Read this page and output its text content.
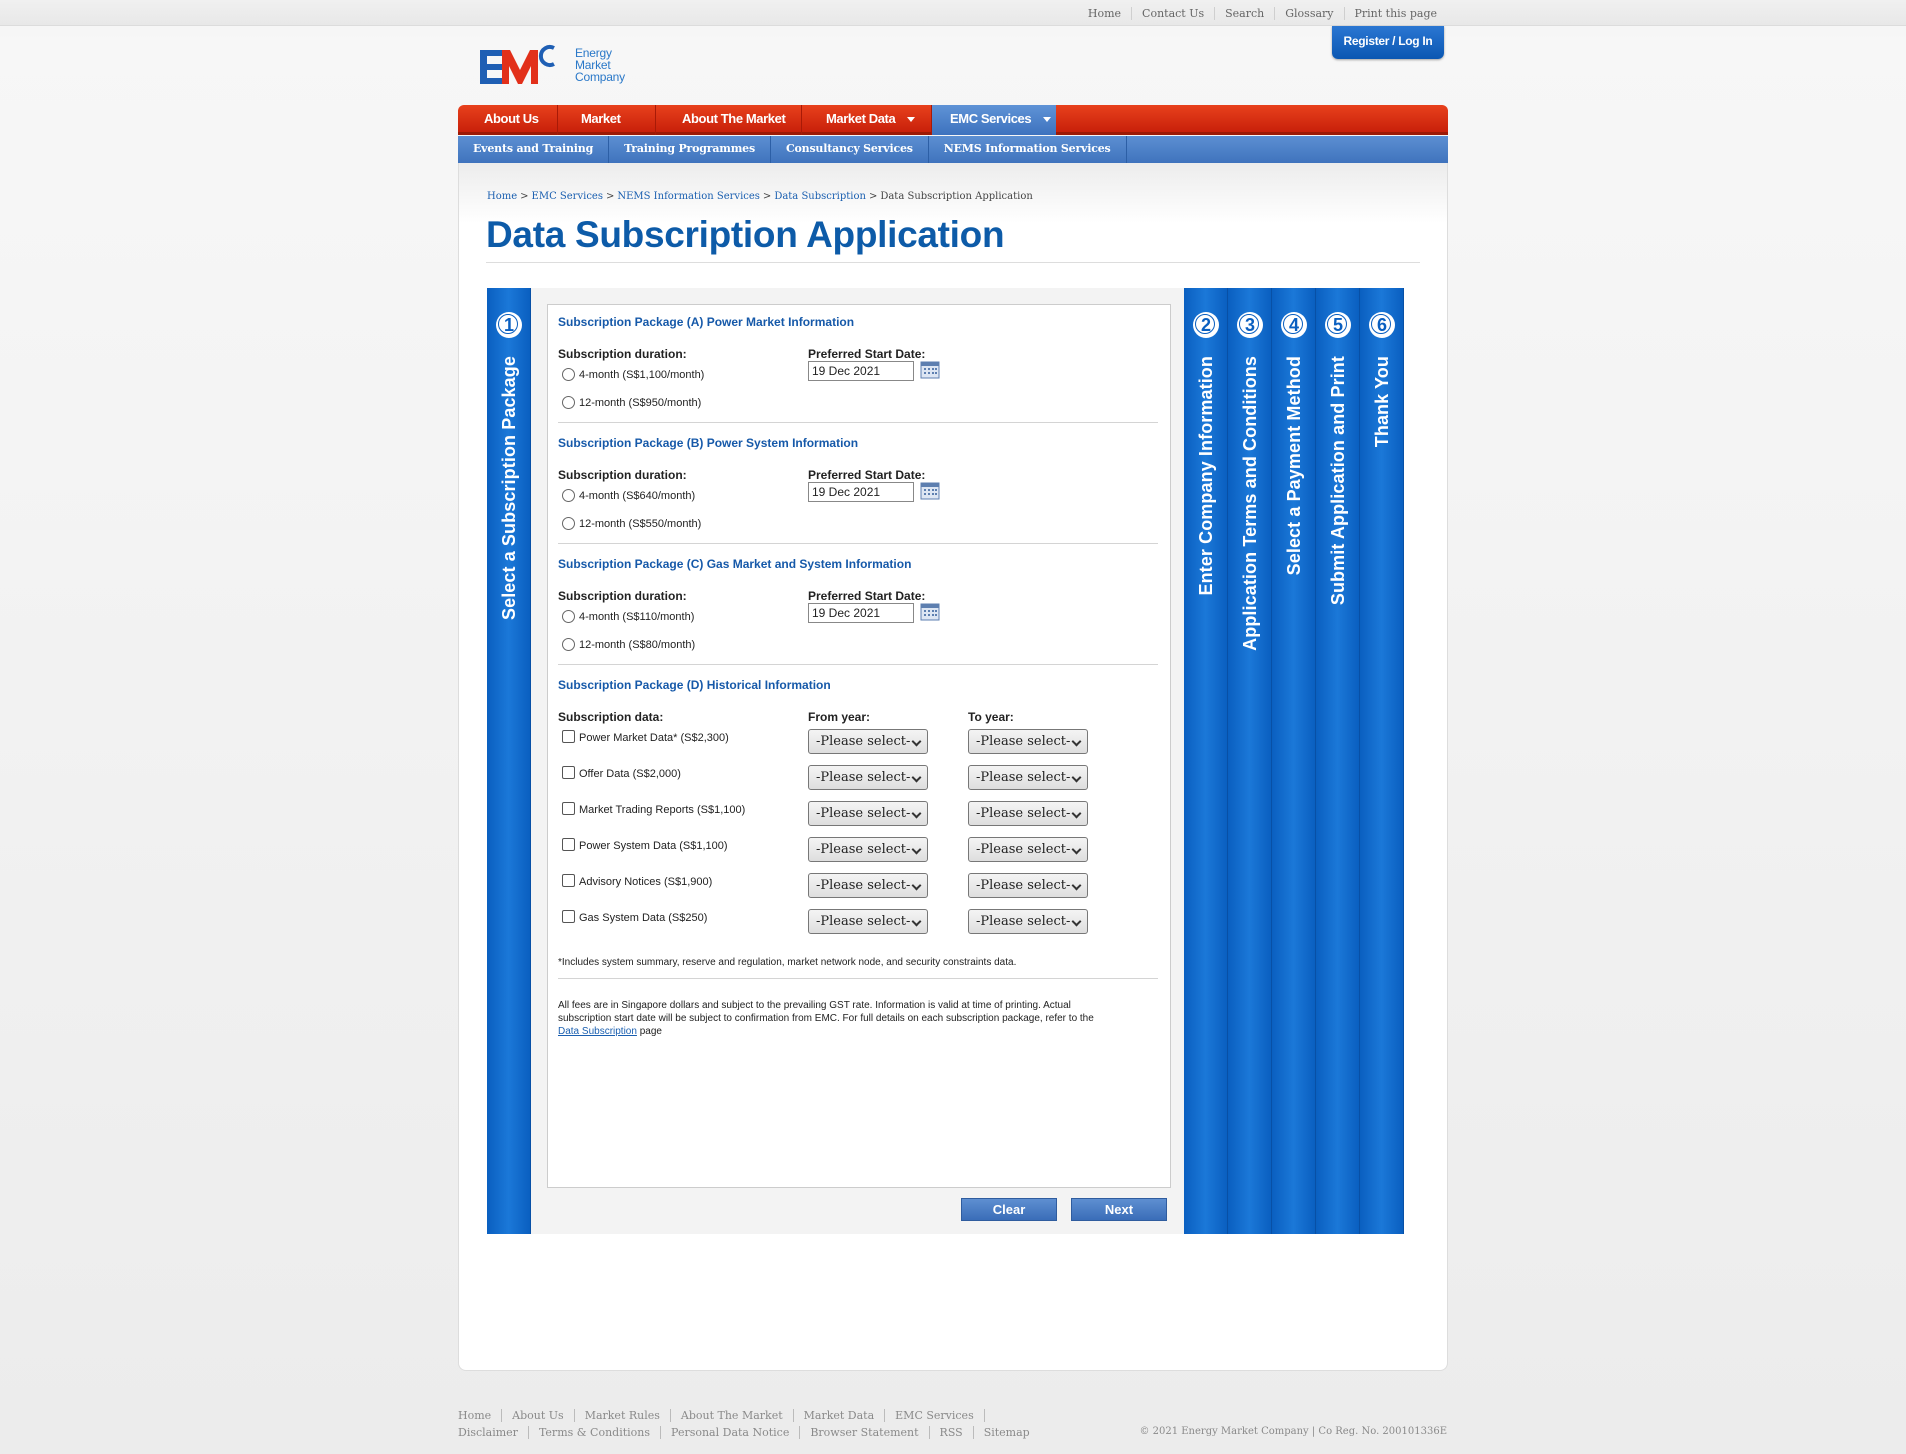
Home	Contact Us	Search	Glossary	Print this page
Register / Log In
Energy
Market
Company
About Us	Market	About The Market	Market Data	EMC Services
Events and Training	Training Programmes	Consultancy Services	NEMS Information Services
Home > EMC Services > NEMS Information Services > Data Subscription > Data Subscription Application
Data Subscription Application
1
Select a Subscription Package
2
Enter Company Information
3
Application Terms and Conditions
4
Select a Payment Method
5
Submit Application and Print
6
Thank You
Subscription Package (A) Power Market Information
Subscription duration:	Preferred Start Date:
4-month (S$1,100/month)
12-month (S$950/month)
19 Dec 2021
Subscription Package (B) Power System Information
Subscription duration:	Preferred Start Date:
4-month (S$640/month)
12-month (S$550/month)
19 Dec 2021
Subscription Package (C) Gas Market and System Information
Subscription duration:	Preferred Start Date:
4-month (S$110/month)
12-month (S$80/month)
19 Dec 2021
Subscription Package (D) Historical Information
Subscription data:	From year:	To year:
Power Market Data* (S$2,300)	-Please select-	-Please select-
Offer Data (S$2,000)	-Please select-	-Please select-
Market Trading Reports (S$1,100)	-Please select-	-Please select-
Power System Data (S$1,100)	-Please select-	-Please select-
Advisory Notices (S$1,900)	-Please select-	-Please select-
Gas System Data (S$250)	-Please select-	-Please select-
*Includes system summary, reserve and regulation, market network node, and security constraints data.
All fees are in Singapore dollars and subject to the prevailing GST rate. Information is valid at time of printing. Actual
subscription start date will be subject to confirmation from EMC. For full details on each subscription package, refer to the
Data Subscription page
Clear	Next
Home	About Us	Market Rules	About The Market	Market Data	EMC Services
Disclaimer	Terms & Conditions	Personal Data Notice	Browser Statement	RSS	Sitemap	© 2021 Energy Market Company | Co Reg. No. 200101336E
